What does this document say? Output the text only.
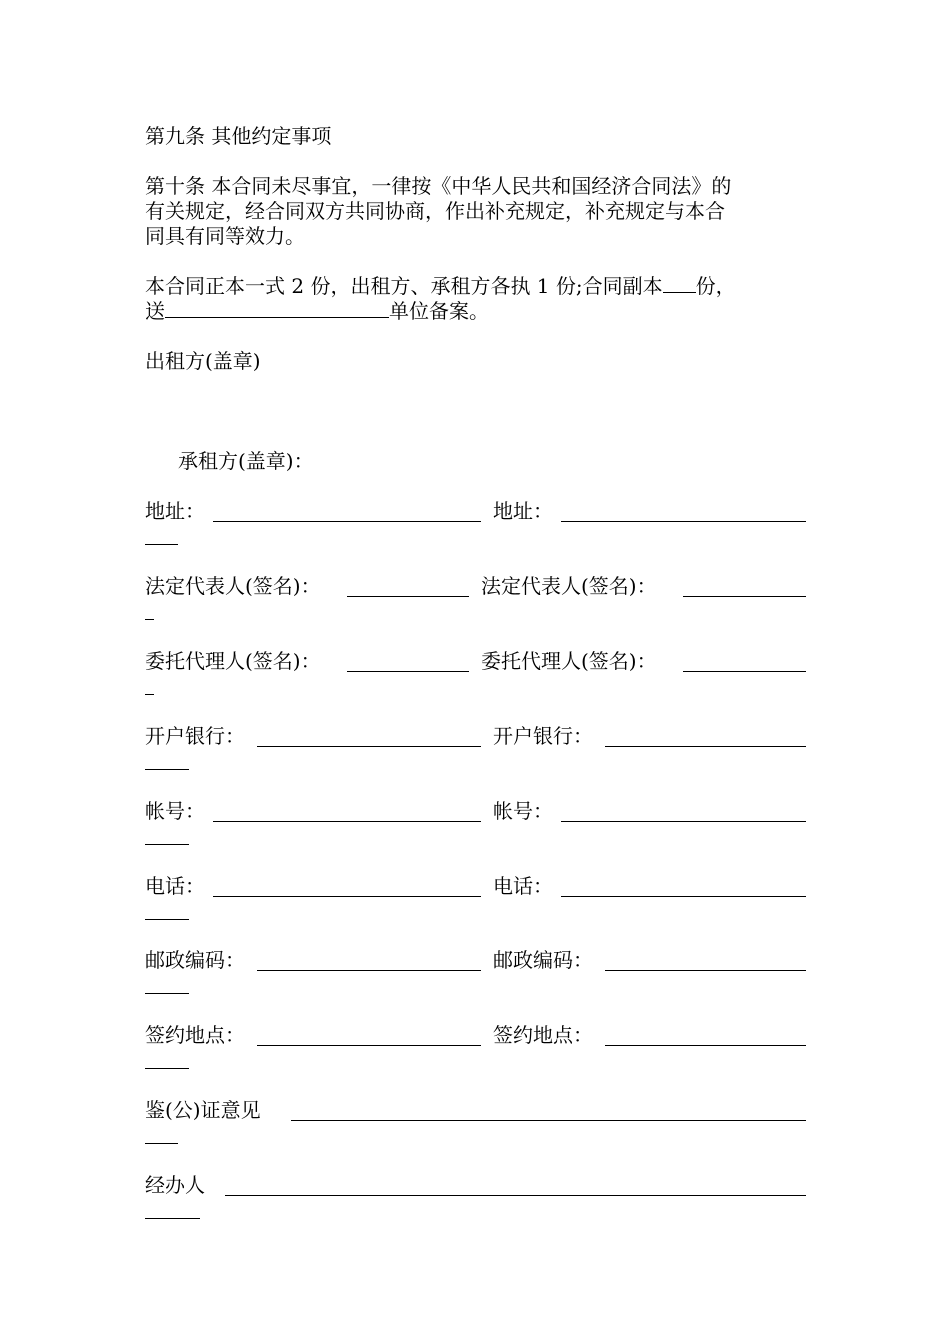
第九条 其他约定事项
第十条 本合同未尽事宜，一律按《中华人民共和国经济合同法》的
有关规定，经合同双方共同协商，作出补充规定，补充规定与本合
同具有同等效力。
本合同正本一式 2 份，出租方、承租方各执 1 份;合同副本 份，
送	单位备案。
出租方(盖章)
承租方(盖章)：
地址：	地址：
法定代表人(签名)：	法定代表人(签名)：
委托代理人(签名)：	委托代理人(签名)：
开户银行：	开户银行：
帐号：	帐号：
电话：	电话：
邮政编码：	邮政编码：
签约地点：	签约地点：
鉴(公)证意见
经办人
